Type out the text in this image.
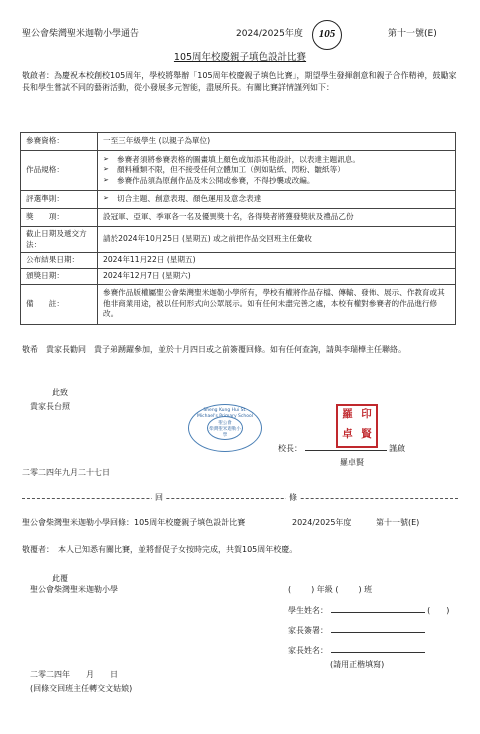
聖公會柴灣聖米迦勒小學通告	2024/2025年度	105	第十一號(E)
105周年校慶親子填色設計比賽
敬啟者：為慶祝本校創校105周年，學校將舉辦「105周年校慶親子填色比賽」，期望學生發揮創意和親子合作精神，鼓勵家長和學生嘗試不同的藝術活動，從小發展多元智能，盡展所長。有關比賽詳情謹列如下：
參賽資格：	一至三年級學生 (以親子為單位)
作品規格：	➢ 參賽者須將參賽表格的圖畫填上顏色或加添其他設計，以表達主題訊息。
➢ 顏料種類不限，但不接受任何立體加工（例如貼紙、閃粉、皺紙等）
➢ 參賽作品須為原創作品及未公開或參賽，不得抄襲或改編。

評選準則：	➢ 切合主題、創意表現、顏色運用及意念表達

獎　　項：	設冠軍、亞軍、季軍各一名及優異獎十名，各得獎者將獲發獎狀及禮品乙份
截止日期及遞交方法：	請於2024年10月25日 (星期五) 或之前把作品交回班主任彙收
公布結果日期：	2024年11月22日 (星期五)
頒獎日期：	2024年12月7日 (星期六)
備　　註：	參賽作品版權屬聖公會柴灣聖米迦勒小學所有，學校有權將作品存檔、傳輸、發佈、展示、作教育或其他非商業用途，被以任何形式向公眾展示。如有任何未盡完善之處，本校有權對參賽者的作品進行修改。
敬希　貴家長勸同　貴子弟踴躍參加，並於十月四日或之前簽覆回條。如有任何查詢，請與李瑞樺主任聯絡。
此致
貴家長台照	Sheng Kung Hui St. Michael's Primary School
聖公會
柴灣聖米迦勒小學
羅 印
卓 賢
校長：	謹啟
羅卓賢
二零二四年九月二十七日
回	條
聖公會柴灣聖米迦勒小學回條：105周年校慶親子填色設計比賽	2024/2025年度	第十一號(E)
敬覆者：　本人已知悉有關比賽，並將督促子女按時完成，共賀105周年校慶。
此覆
聖公會柴灣聖米迦勒小學	(	) 年級 (	) 班
學生姓名：	(　　)
家長簽署：
家長姓名：
(請用正楷填寫)
二零二四年　　月　　日
(回條交回班主任轉交文姑娘)
